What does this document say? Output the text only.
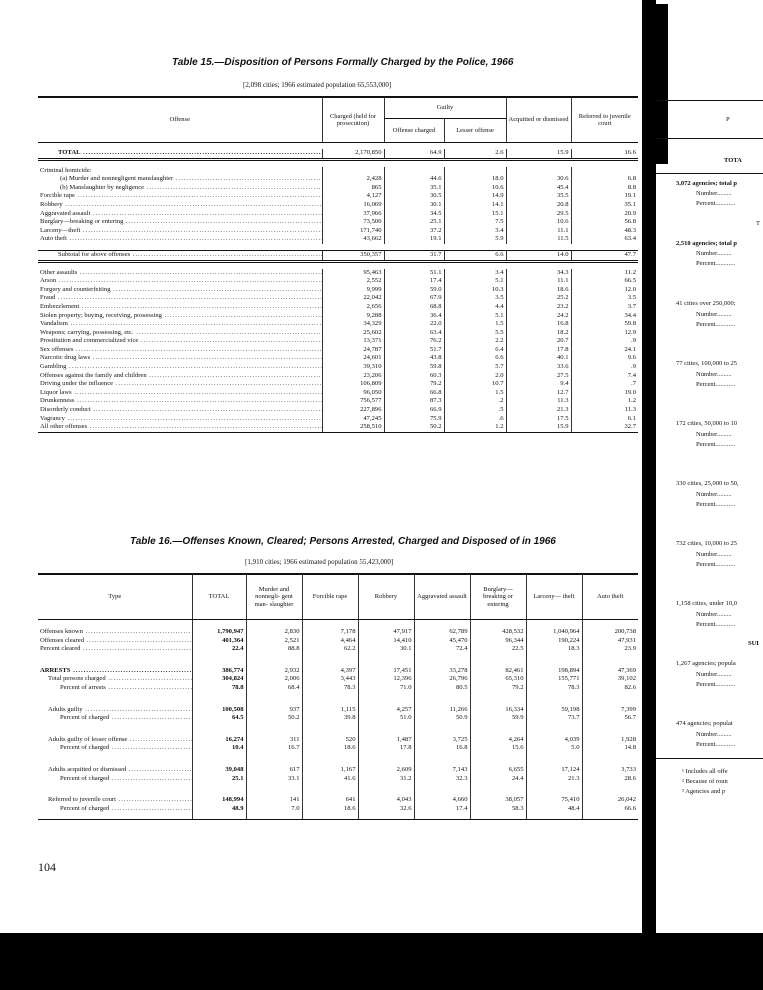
Table 15.—Disposition of Persons Formally Charged by the Police, 1966
[2,098 cities; 1966 estimated population 65,553,000]
Offense	Charged (held for prosecution)	Guilty		Acquitted or dismissed	Referred to juvenile court
		Offense charged	Lesser offense		

TOTAL .....	2,170,850	64.9	2.6	15.9	16.6

Criminal homicide:					
(a) Murder and nonnegligent manslaughter .....	2,428	44.6	18.0	30.6	6.8
(b) Manslaughter by negligence .....	865	35.1	10.6	45.4	8.8
Forcible rape .....	4,127	30.5	14.9	35.5	19.1
Robbery .....	16,069	30.1	14.1	20.8	35.1
Aggravated assault .....	37,966	34.5	15.1	29.5	20.9
Burglary—breaking or entering .....	73,500	25.1	7.5	10.6	56.8
Larceny—theft .....	171,740	37.2	3.4	11.1	48.3
Auto theft .....	43,662	19.1	5.9	11.5	63.4

Subtotal for above offenses .....	350,357	31.7	6.6	14.0	47.7

Other assaults .....	95,463	51.1	3.4	34.3	11.2
Arson .....	2,552	17.4	5.1	11.1	66.5
Forgery and counterfeiting .....	9,999	59.0	10.3	18.6	12.0
Fraud .....	22,042	67.9	3.5	25.2	3.5
Embezzlement .....	2,656	68.8	4.4	23.2	3.7
Stolen property; buying, receiving, possessing .....	9,288	36.4	5.1	24.2	34.4
Vandalism .....	34,329	22.0	1.5	16.8	59.8
Weapons; carrying, possessing, etc. .....	25,602	63.4	5.5	18.2	12.9
Prostitution and commercialized vice .....	13,371	76.2	2.2	20.7	.9
Sex offenses .....	24,787	51.7	6.4	17.8	24.1
Narcotic drug laws .....	24,601	43.8	6.6	40.1	9.6
Gambling .....	39,310	59.8	5.7	33.6	.9
Offenses against the family and children .....	23,206	60.3	2.0	27.5	7.4
Driving under the influence .....	106,809	79.2	10.7	9.4	.7
Liquor laws .....	96,050	66.8	1.5	12.7	19.0
Drunkenness .....	756,577	87.3	.2	11.3	1.2
Disorderly conduct .....	227,896	66.9	.5	21.3	11.3
Vagrancy .....	47,245	75.9	.6	17.5	6.1
All other offenses .....	258,510	50.2	1.2	15.9	32.7
Table 16.—Offenses Known, Cleared; Persons Arrested, Charged and Disposed of in 1966
[1,910 cities; 1966 estimated population 55,423,000]
Type	TOTAL	Murder and nonnegli- gent man- slaughter	Forcible rape	Robbery	Aggravated assault	Burglary— breaking or entering	Larceny— theft	Auto theft

Offenses known .....	1,790,947	2,830	7,178	47,917	62,789	428,532	1,040,964	200,738
Offenses cleared .....	401,364	2,521	4,464	14,410	45,470	96,344	190,224	47,931
Percent cleared .....	22.4	88.8	62.2	30.1	72.4	22.5	18.3	23.9

ARRESTS .....	386,774	2,932	4,397	17,451	33,278	82,461	198,894	47,369
Total persons charged .....	304,824	2,006	3,443	12,396	26,796	65,310	155,771	39,102
Percent of arrests .....	78.8	68.4	78.3	71.0	80.5	79.2	78.3	82.6

Adults guilty .....	100,508	937	1,115	4,257	11,266	16,334	59,198	7,399
Percent of charged .....	64.5	50.2	39.8	51.0	50.9	59.9	73.7	56.7

Adults guilty of lesser offense .....	16,274	311	520	1,487	3,725	4,264	4,039	1,928
Percent of charged .....	10.4	16.7	18.6	17.8	16.8	15.6	5.0	14.8

Adults acquitted or dismissed .....	39,048	617	1,167	2,609	7,143	6,655	17,124	3,733
Percent of charged .....	25.1	33.1	41.6	31.2	32.3	24.4	21.3	28.6

Referred to juvenile court .....	148,994	141	641	4,043	4,660	38,057	75,410	26,042
Percent of charged .....	48.9	7.0	18.6	32.6	17.4	58.3	48.4	66.6

104
P
TOTA
3,072 agencies; total p
Number.........
Percent............
T
2,510 agencies; total p
Number.........
Percent............
41 cities over 250,000;
Number.........
Percent............
77 cities, 100,000 to 25
Number.........
Percent............
172 cities, 50,000 to 10
Number.........
Percent............
330 cities, 25,000 to 50,
Number.........
Percent............
732 cities, 10,000 to 25
Number.........
Percent............
1,158 cities, under 10,0
Number.........
Percent............
SUI
1,267 agencies; popula
Number.........
Percent............
474 agencies; populat
Number.........
Percent............
¹ Includes all offe
² Because of roun
³ Agencies and p
